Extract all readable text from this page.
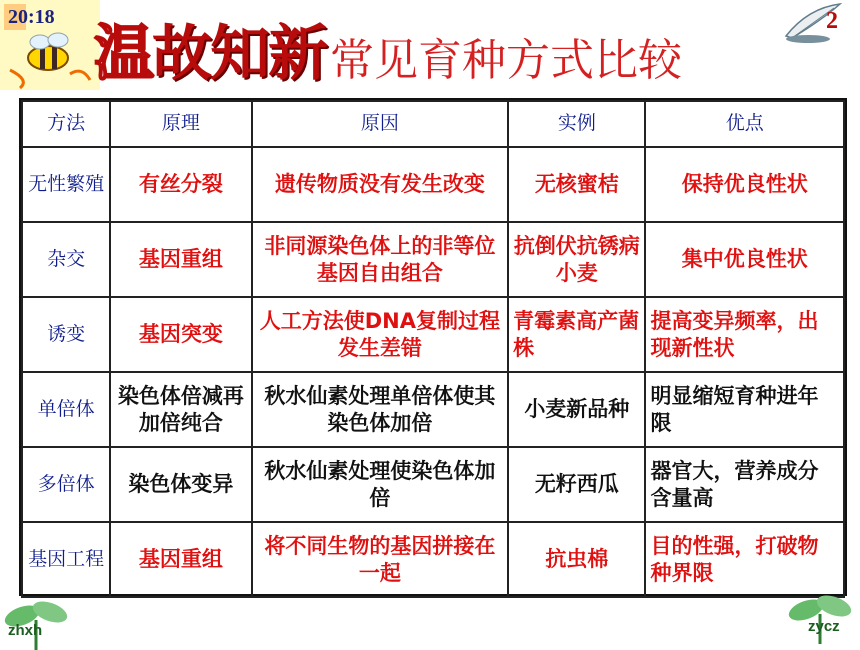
20:18
温故知新 常见育种方式比较
2
方法	原理	原因	实例	优点
无性繁殖	有丝分裂	遗传物质没有发生改变	无核蜜桔	保持优良性状
杂交	基因重组	非同源染色体上的非等位基因自由组合	抗倒伏抗锈病小麦	集中优良性状
诱变	基因突变	人工方法使DNA复制过程发生差错	青霉素高产菌株	提高变异频率，出现新性状
单倍体	染色体倍减再加倍纯合	秋水仙素处理单倍体使其染色体加倍	小麦新品种	明显缩短育种进年限
多倍体	染色体变异	秋水仙素处理使染色体加倍	无籽西瓜	器官大，营养成分含量高
基因工程	基因重组	将不同生物的基因拼接在一起	抗虫棉	目的性强，打破物种界限
zhxh	zycz
